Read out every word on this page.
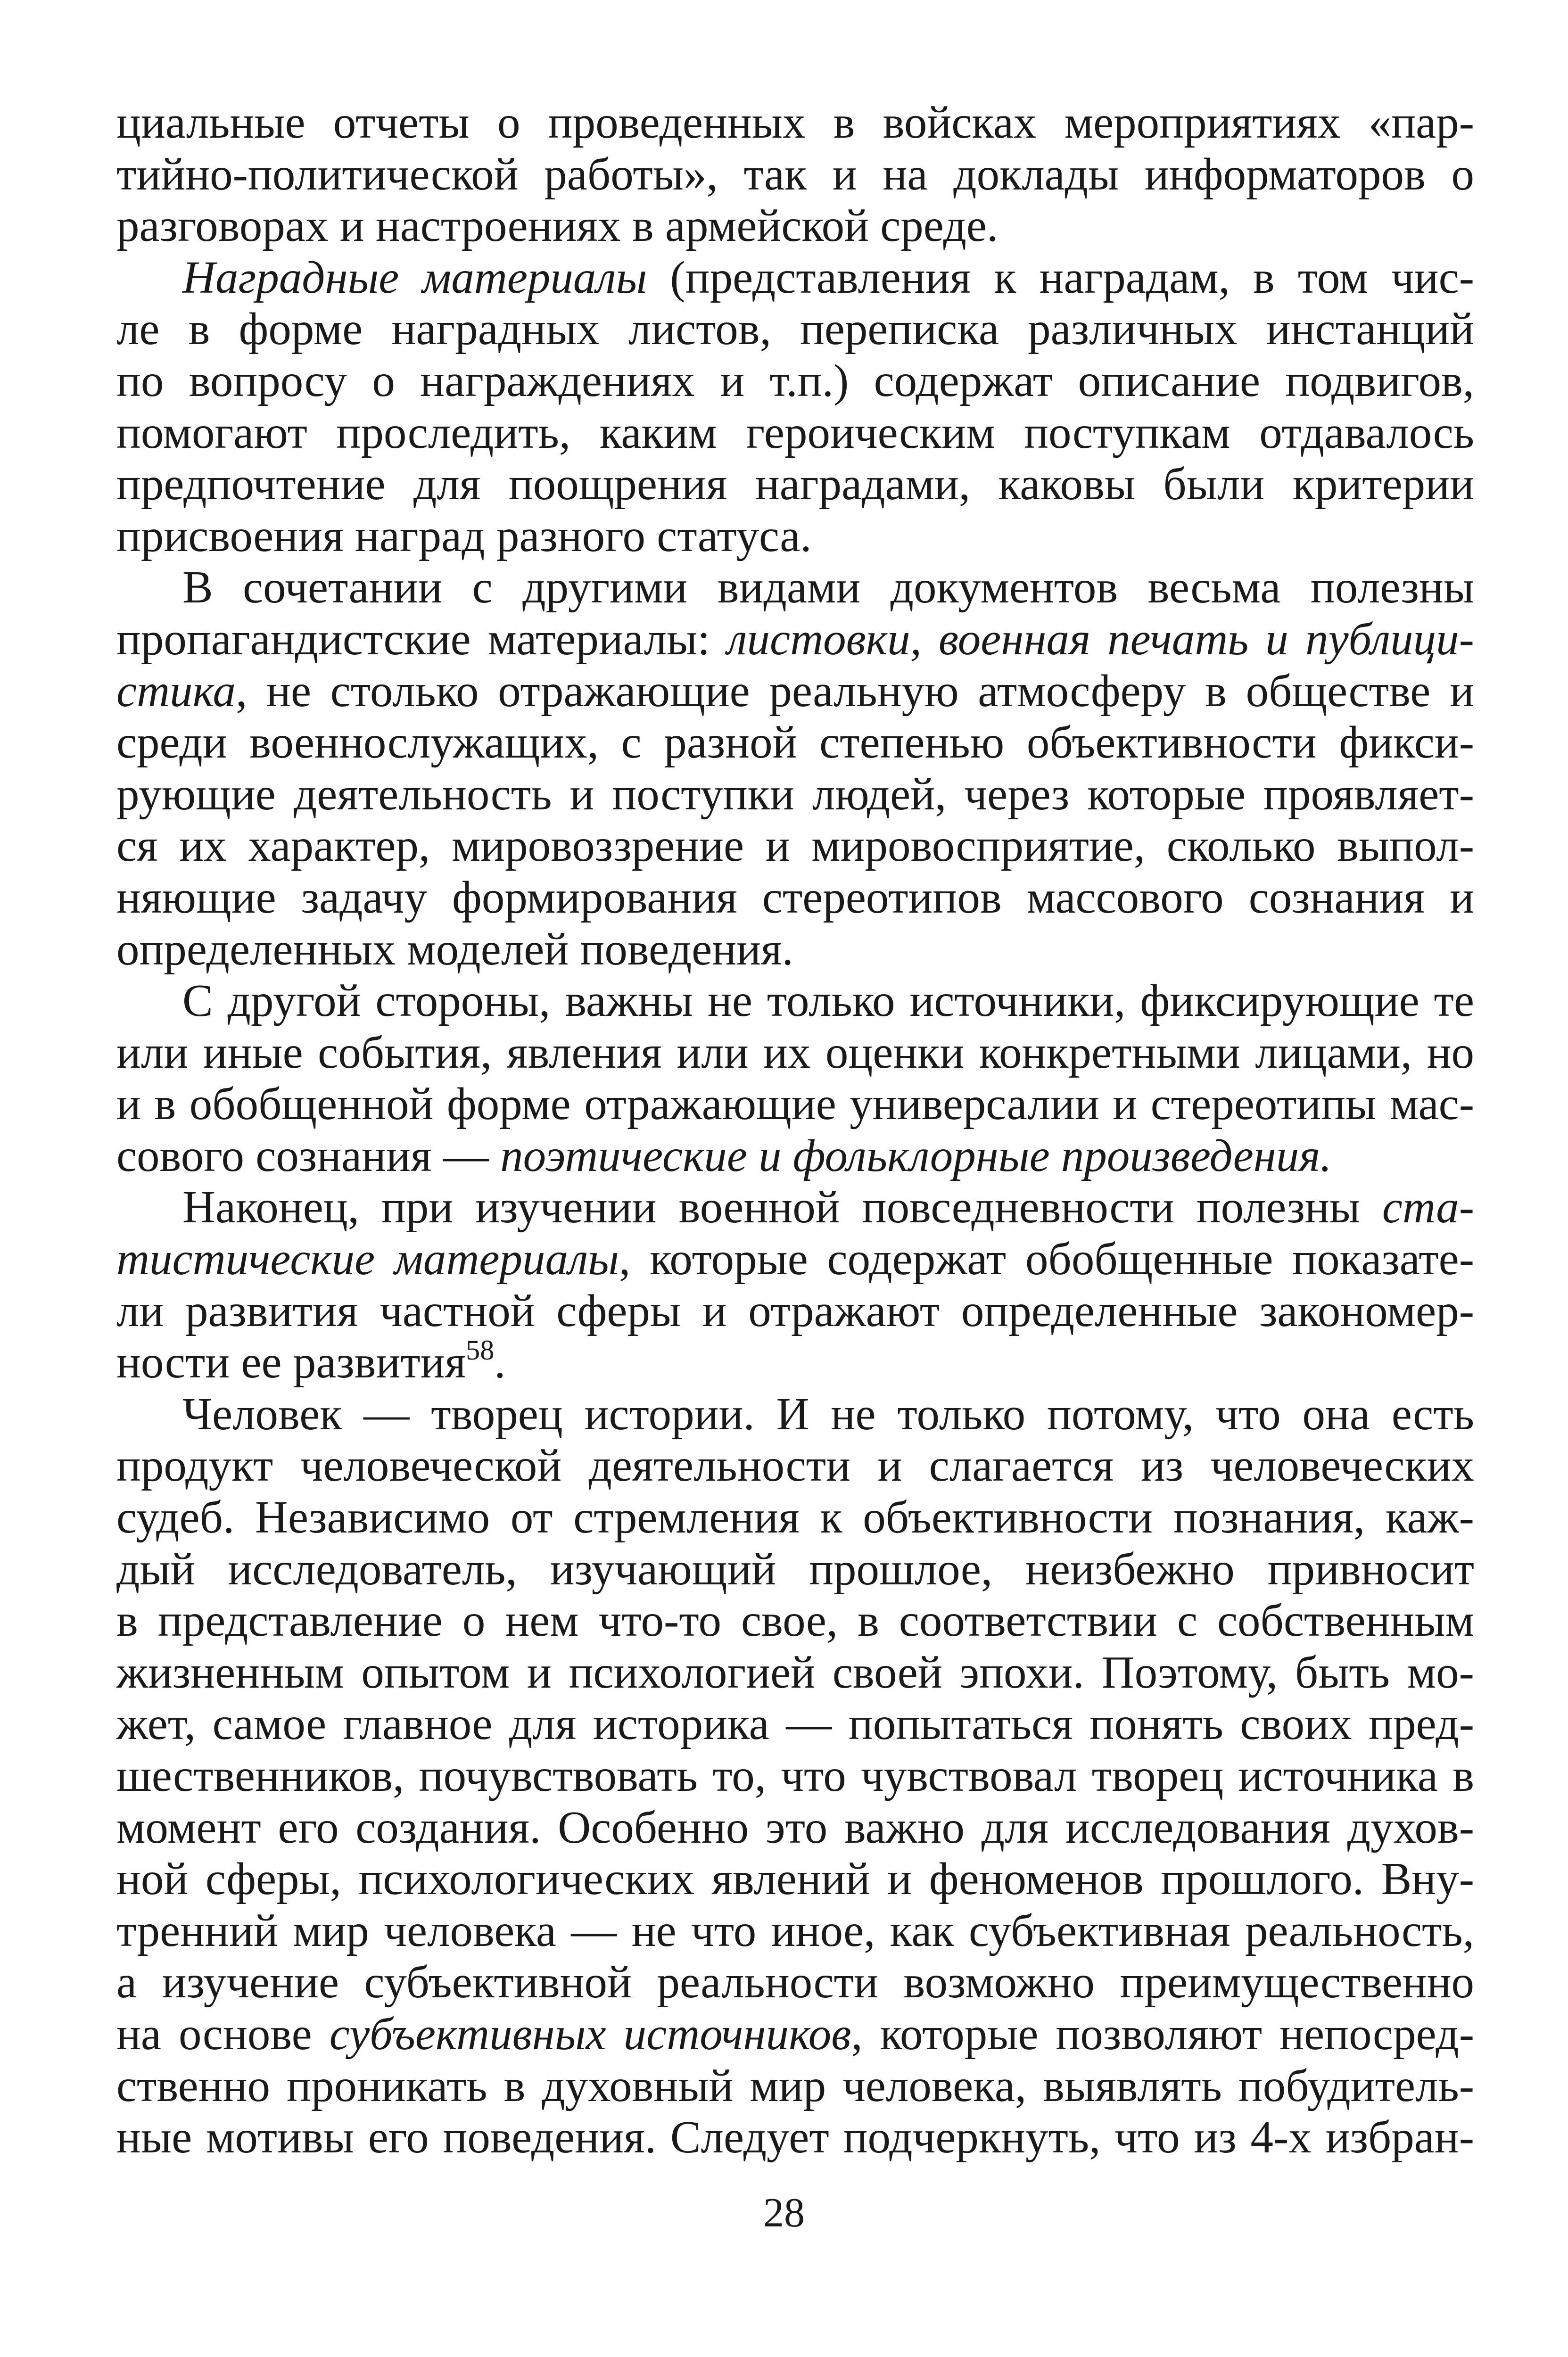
циальные отчеты о проведенных в войсках мероприятиях «пар-
тийно-политической работы», так и на доклады информаторов о
разговорах и настроениях в армейской среде.
Наградные материалы (представления к наградам, в том чис-
ле в форме наградных листов, переписка различных инстанций
по вопросу о награждениях и т.п.) содержат описание подвигов,
помогают проследить, каким героическим поступкам отдавалось
предпочтение для поощрения наградами, каковы были критерии
присвоения наград разного статуса.
В сочетании с другими видами документов весьма полезны
пропагандистские материалы: листовки, военная печать и публици-
стика, не столько отражающие реальную атмосферу в обществе и
среди военнослужащих, с разной степенью объективности фикси-
рующие деятельность и поступки людей, через которые проявляет-
ся их характер, мировоззрение и мировосприятие, сколько выпол-
няющие задачу формирования стереотипов массового сознания и
определенных моделей поведения.
С другой стороны, важны не только источники, фиксирующие те
или иные события, явления или их оценки конкретными лицами, но
и в обобщенной форме отражающие универсалии и стереотипы мас-
сового сознания — поэтические и фольклорные произведения.
Наконец, при изучении военной повседневности полезны ста-
тистические материалы, которые содержат обобщенные показате-
ли развития частной сферы и отражают определенные закономер-
ности ее развития$^{58}$.
Человек — творец истории. И не только потому, что она есть
продукт человеческой деятельности и слагается из человеческих
судеб. Независимо от стремления к объективности познания, каж-
дый исследователь, изучающий прошлое, неизбежно привносит
в представление о нем что-то свое, в соответствии с собственным
жизненным опытом и психологией своей эпохи. Поэтому, быть мо-
жет, самое главное для историка — попытаться понять своих пред-
шественников, почувствовать то, что чувствовал творец источника в
момент его создания. Особенно это важно для исследования духов-
ной сферы, психологических явлений и феноменов прошлого. Вну-
тренний мир человека — не что иное, как субъективная реальность,
а изучение субъективной реальности возможно преимущественно
на основе субъективных источников, которые позволяют непосред-
ственно проникать в духовный мир человека, выявлять побудитель-
ные мотивы его поведения. Следует подчеркнуть, что из 4-х избран-
28
